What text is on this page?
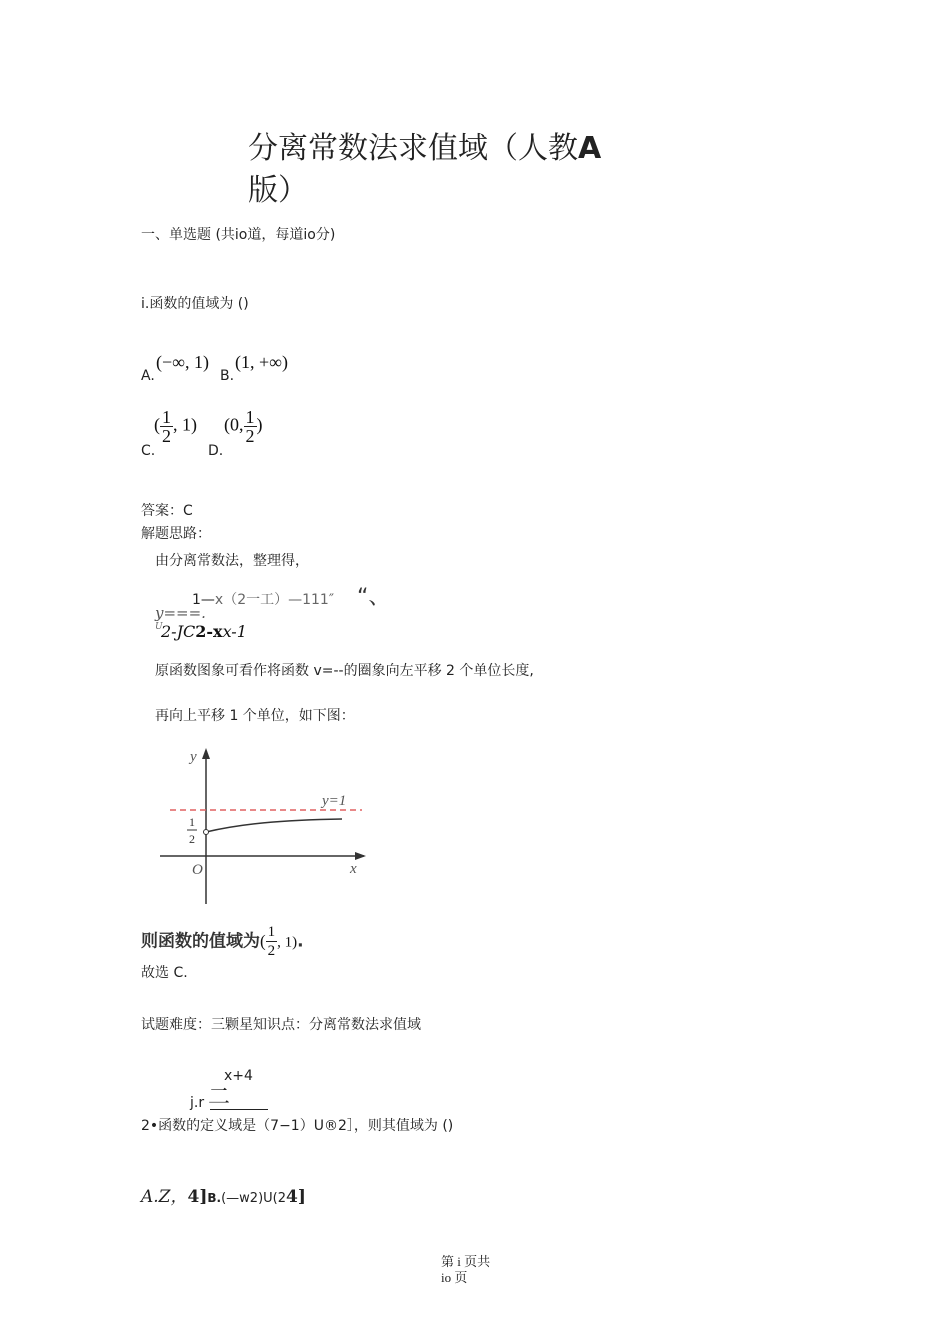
分离常数法求值域（人教A
版）
一、单选题 (共io道，每道io分)
i.函数的值域为 ()
A.
(−∞, 1)
B.
(1, +∞)
C.
( $\frac{1}{2}$ , 1)
D.
(0, $\frac{1}{2}$ )
答案：C
解题思路：
由分离常数法，整理得，
1—x（2一工）—111″ “、
y===.
U
2-JC2-xx-1
原函数图象可看作将函数 v=--的圈象向左平移 2 个单位长度,
再向上平移 1 个单位，如下图：
y
x
O
y=1
1
2
则函数的值域为( $\frac{1}{2}$ , 1).
故选 C.
试题难度：三颗星知识点：分离常数法求值域
x+4
j.r 二
2•函数的定义域是（7−1）U®2］，则其值域为 ()
A.Z，4]B.(—w2)U(24]
第 i 页共
io 页
